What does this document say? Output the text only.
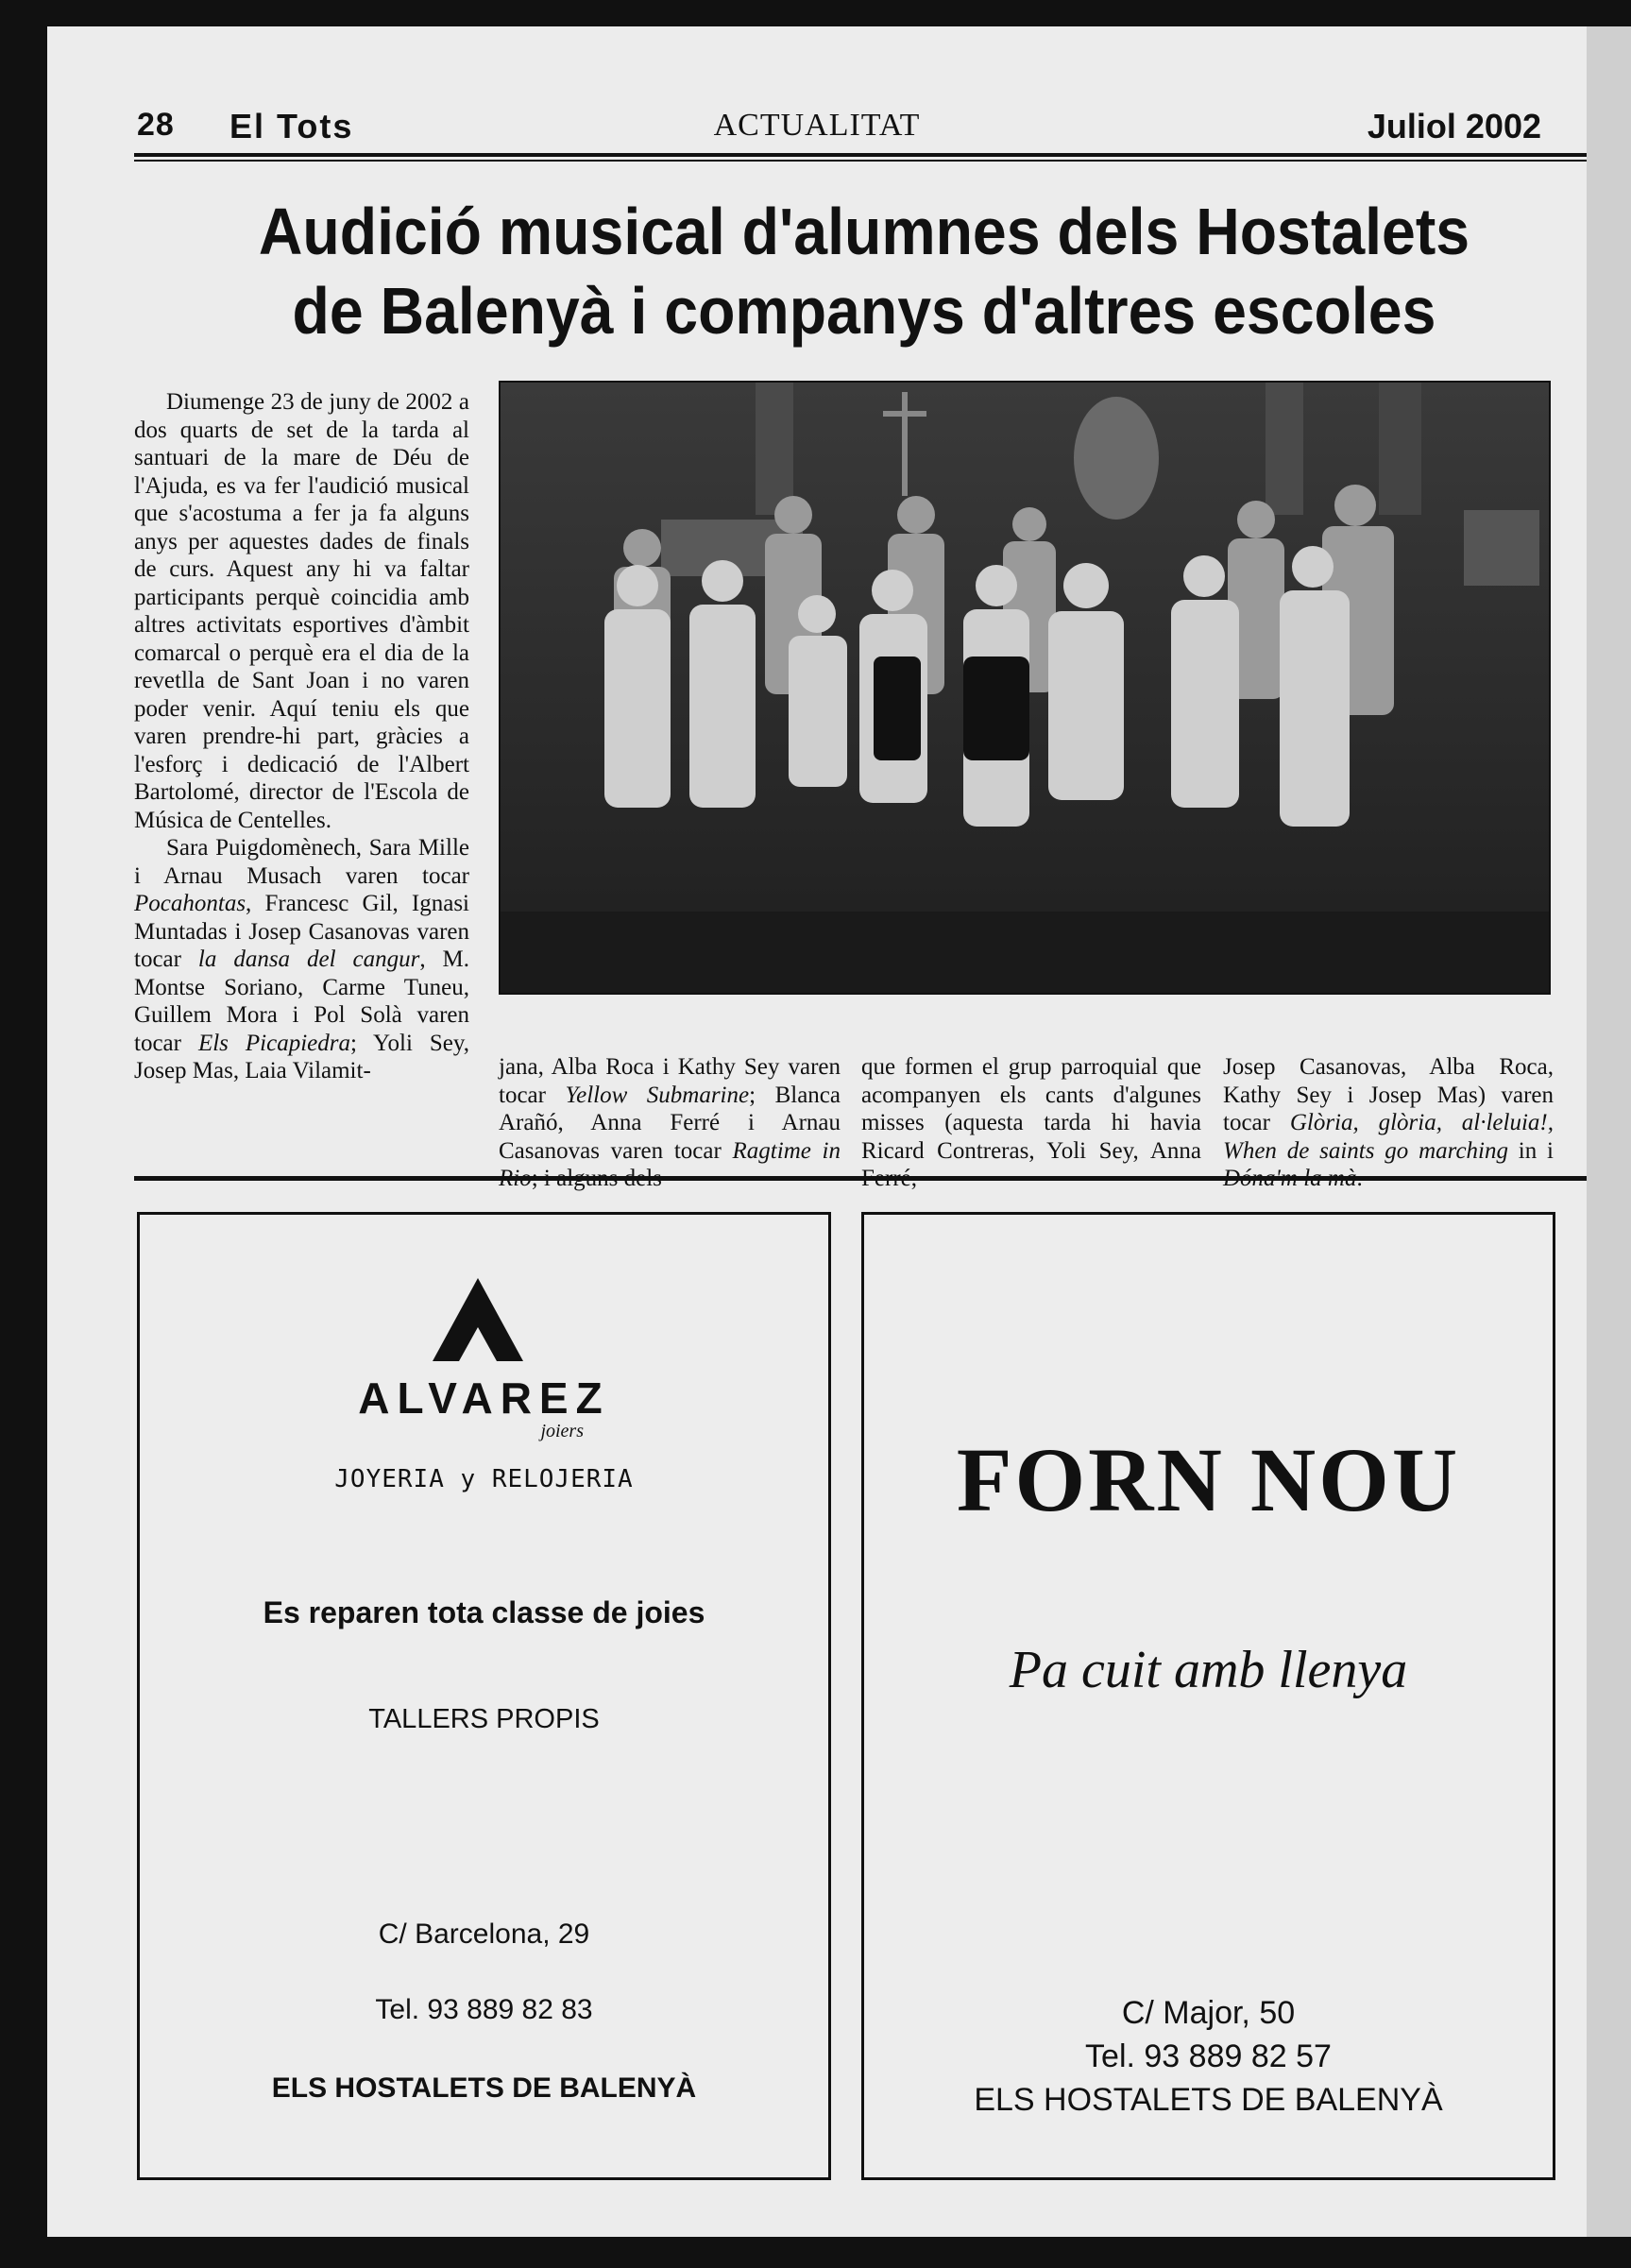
28 El Tots	ACTUALITAT	Juliol 2002
Audició musical d'alumnes dels Hostalets
de Balenyà i companys d'altres escoles

Diumenge 23 de juny de 2002 a dos quarts de set de la tarda al santuari de la mare de Déu de l'Ajuda, es va fer l'audició musical que s'acostuma a fer ja fa alguns anys per aquestes dades de finals de curs. Aquest any hi va faltar participants perquè coincidia amb altres activitats esportives d'àmbit comarcal o perquè era el dia de la revetlla de Sant Joan i no varen poder venir. Aquí teniu els que varen prendre-hi part, gràcies a l'esforç i dedicació de l'Albert Bartolomé, director de l'Escola de Música de Centelles.

Sara Puigdomènech, Sara Mille i Arnau Musach varen tocar Pocahontas, Francesc Gil, Ignasi Muntadas i Josep Casanovas varen tocar la dansa del cangur, M. Montse Soriano, Carme Tuneu, Guillem Mora i Pol Solà varen tocar Els Picapiedra; Yoli Sey, Josep Mas, Laia Vilamit-	jana, Alba Roca i Kathy Sey varen tocar Yellow Submarine; Blanca Arañó, Anna Ferré i Arnau Casanovas varen tocar Ragtime in
que formen el grup parroquial que acompanyen els cants d'algunes misses (aquesta tarda hi havia Ricard Contreras, Yoli Sey, Anna
Josep Casanovas, Alba Roca, Kathy Sey i Josep Mas) varen tocar Glòria, glòria, al·leluia!, When de saints go marching in i
ALVAREZ
joiers
JOYERIA y RELOJERIA
Es reparen tota classe de joies
TALLERS PROPIS
C/ Barcelona, 29
Tel. 93 889 82 83
ELS HOSTALETS DE BALENYÀ
FORN NOU
Pa cuit amb llenya
C/ Major, 50
Tel. 93 889 82 57
ELS HOSTALETS DE BALENYÀ
